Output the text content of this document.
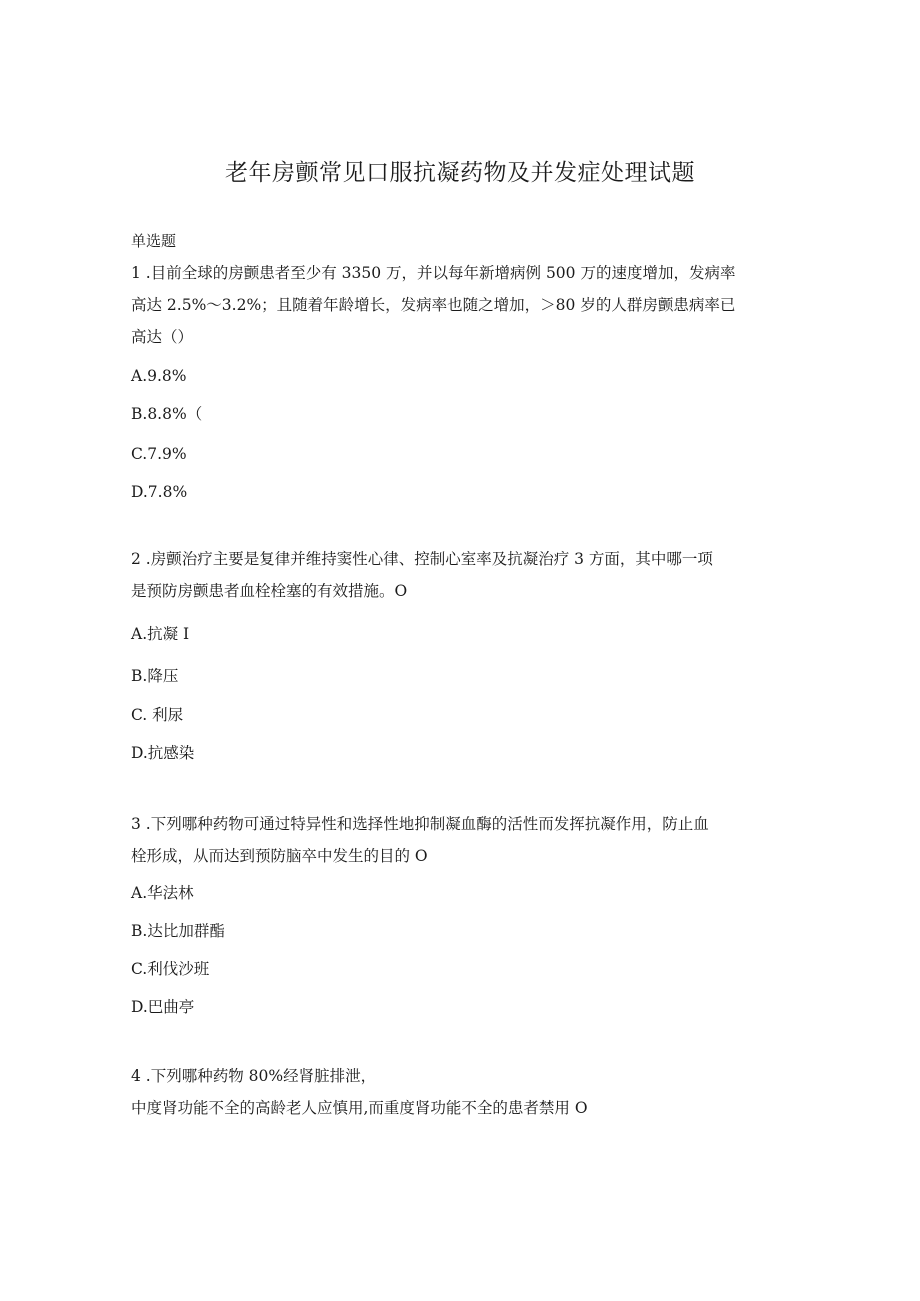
老年房颤常见口服抗凝药物及并发症处理试题
单选题
1 .目前全球的房颤患者至少有 3350 万，并以每年新增病例 500 万的速度增加，发病率
高达 2.5%～3.2%；且随着年龄增长，发病率也随之增加，＞80 岁的人群房颤患病率已
高达（）
A.9.8%
B.8.8%（
C.7.9%
D.7.8%
2 .房颤治疗主要是复律并维持窦性心律、控制心室率及抗凝治疗 3 方面，其中哪一项
是预防房颤患者血栓栓塞的有效措施。O
A.抗凝 I
B.降压
C. 利尿
D.抗感染
3 .下列哪种药物可通过特异性和选择性地抑制凝血酶的活性而发挥抗凝作用，防止血
栓形成，从而达到预防脑卒中发生的目的 O
A.华法林
B.达比加群酯
C.利伐沙班
D.巴曲亭
4 .下列哪种药物 80%经肾脏排泄，
中度肾功能不全的高龄老人应慎用,而重度肾功能不全的患者禁用 O
